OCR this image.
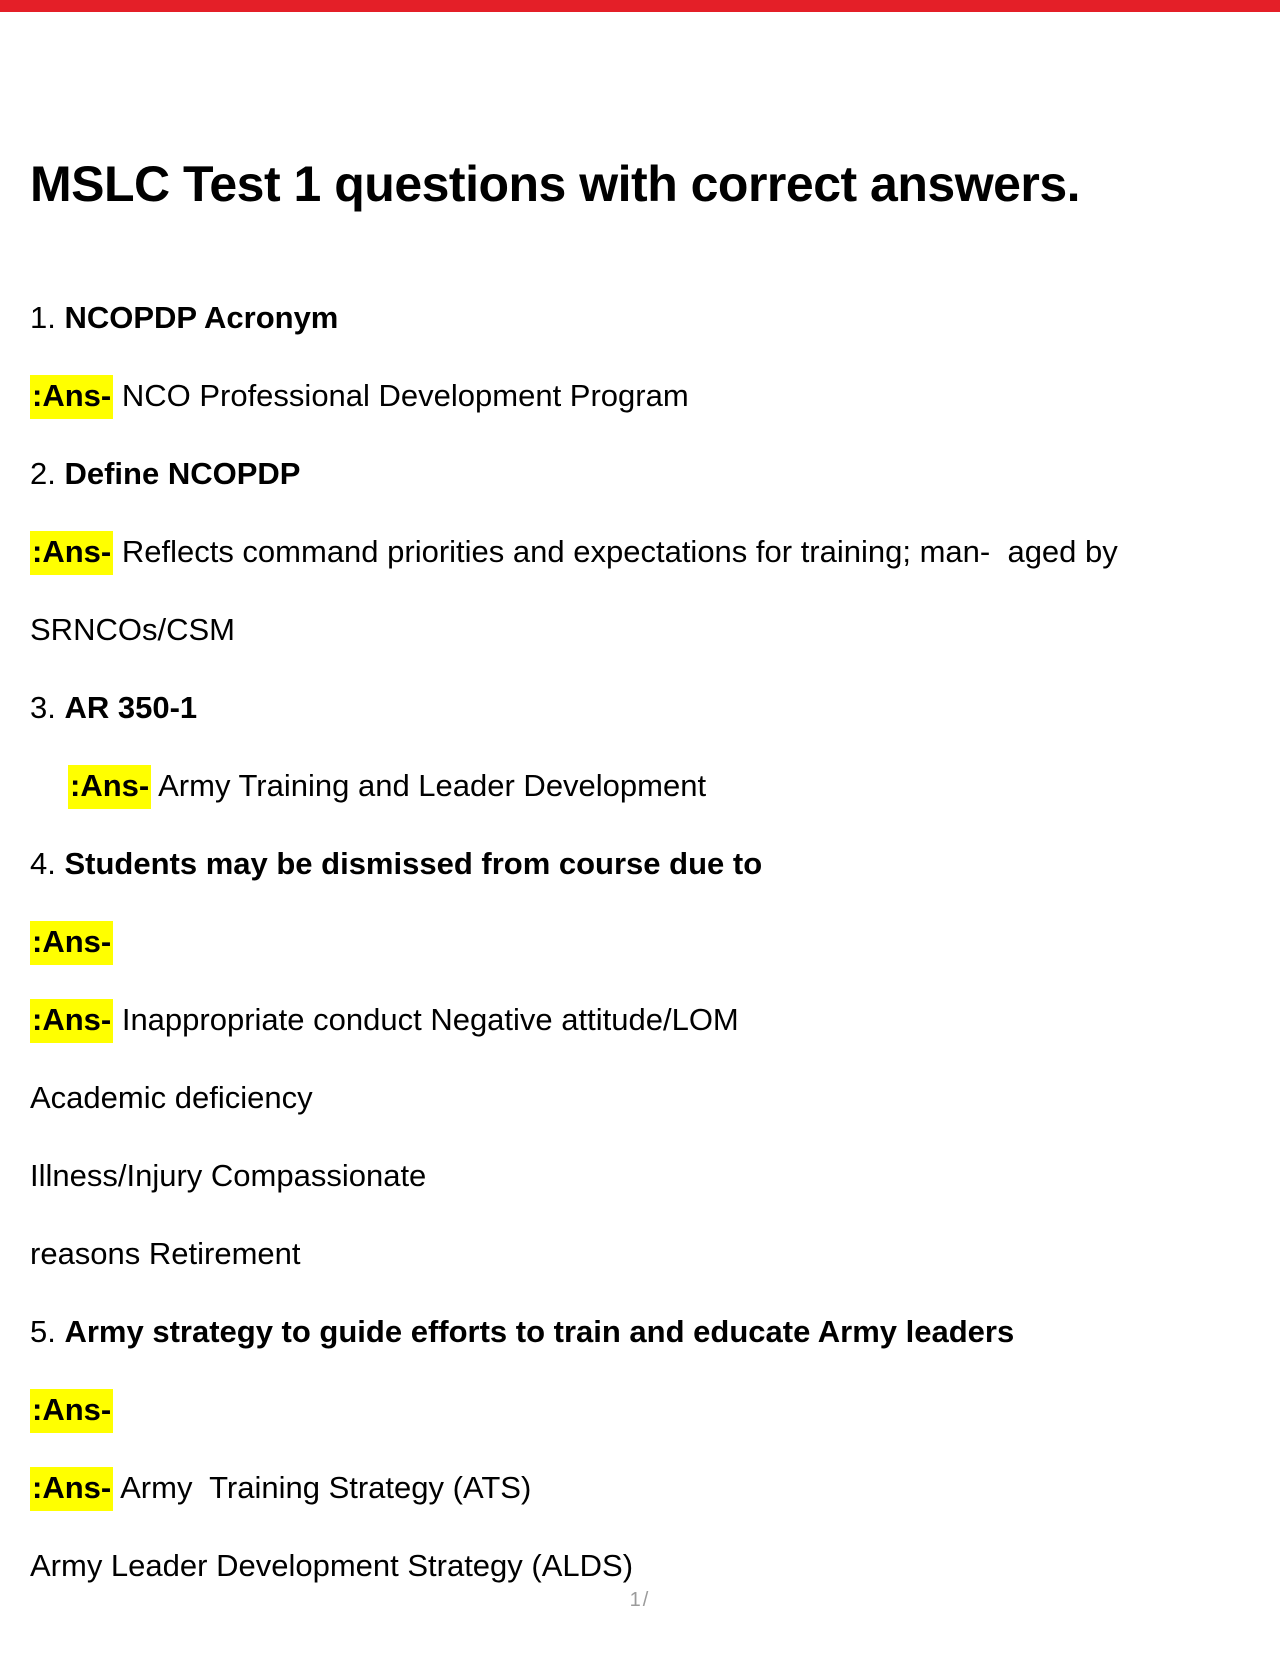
MSLC Test 1 questions with correct answers.
1. NCOPDP Acronym
:Ans- NCO Professional Development Program
2. Define NCOPDP
:Ans- Reflects command priorities and expectations for training; man-  aged by
SRNCOs/CSM
3. AR 350-1
:Ans- Army Training and Leader Development
4. Students may be dismissed from course due to
:Ans-
:Ans- Inappropriate conduct Negative attitude/LOM
Academic deficiency
Illness/Injury Compassionate
reasons Retirement
5. Army strategy to guide efforts to train and educate Army leaders
:Ans-
:Ans- Army  Training Strategy (ATS)
Army Leader Development Strategy (ALDS)
1/
